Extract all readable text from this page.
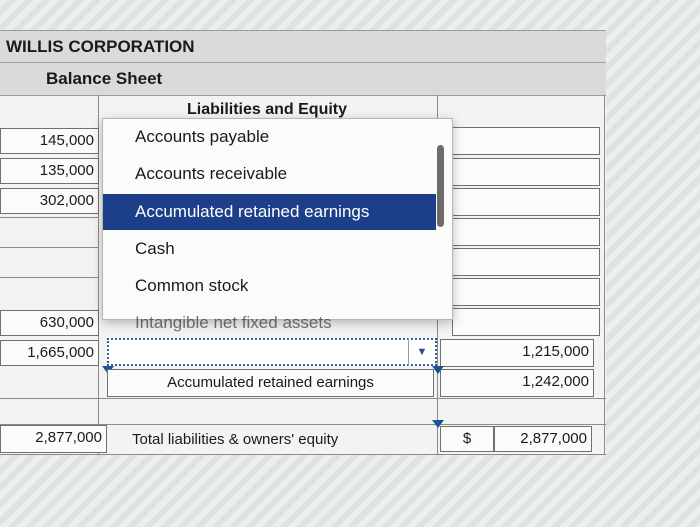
WILLIS CORPORATION
Balance Sheet
Liabilities and Equity
145,000
135,000
302,000
630,000
1,665,000
2,877,000
1,215,000
1,242,000
$	2,877,000
▼
Accumulated retained earnings
Total liabilities & owners' equity
Accounts payable
Accounts receivable
Accumulated retained earnings
Cash
Common stock
Intangible net fixed assets
